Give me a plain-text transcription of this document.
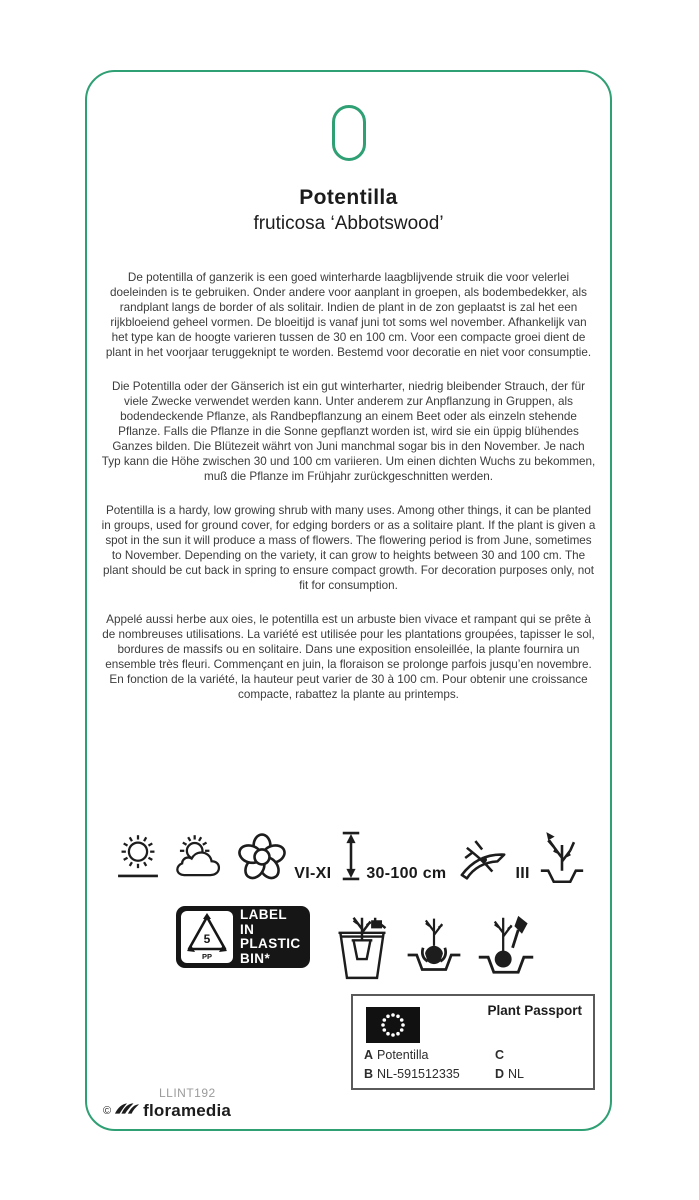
Potentilla
fruticosa ‘Abbotswood’

De potentilla of ganzerik is een goed winterharde laagblijvende struik die voor velerlei doeleinden is te gebruiken. Onder andere voor aanplant in groepen, als bodembedekker, als randplant langs de border of als solitair. Indien de plant in de zon geplaatst is zal het een rijkbloeiend geheel vormen. De bloeitijd is vanaf juni tot soms wel november. Afhankelijk van het type kan de hoogte varieren tussen de 30 en 100 cm. Voor een compacte groei dient de plant in het voorjaar teruggeknipt te worden. Bestemd voor decoratie en niet voor consumptie.

Die Potentilla oder der Gänserich ist ein gut winterharter, niedrig bleibender Strauch, der für viele Zwecke verwendet werden kann. Unter anderem zur Anpflanzung in Gruppen, als bodendeckende Pflanze, als Randbepflanzung an einem Beet oder als einzeln stehende Pflanze. Falls die Pflanze in die Sonne gepflanzt worden ist, wird sie ein üppig blühendes Ganzes bilden. Die Blütezeit währt von Juni manchmal sogar bis in den November. Je nach Typ kann die Höhe zwischen 30 und 100 cm variieren. Um einen dichten Wuchs zu bekommen, muß die Pflanze im Frühjahr zurückgeschnitten werden.

Potentilla is a hardy, low growing shrub with many uses. Among other things, it can be planted in groups, used for ground cover, for edging borders or as a solitaire plant. If the plant is given a spot in the sun it will produce a mass of flowers. The flowering period is from June, sometimes to November. Depending on the variety, it can grow to heights between 30 and 100 cm. The plant should be cut back in spring to ensure compact growth. For decoration purposes only, not fit for consumption.

Appelé aussi herbe aux oies, le potentilla est un arbuste bien vivace et rampant qui se prête à de nombreuses utilisations. La variété est utilisée pour les plantations groupées, tapisser le sol, bordures de massifs ou en solitaire. Dans une exposition ensoleillée, la plante fournira un ensemble très fleuri. Commençant en juin, la floraison se prolonge parfois jusqu’en novembre. En fonction de la variété, la hauteur peut varier de 30 à 100 cm. Pour obtenir une croissance compacte, rabattez la plante au printemps.

VI-XI 30-100 cm	III
5
PP
LABEL IN
PLASTIC
BIN*
Plant Passport
A Potentilla
B NL-591512335
C
D NL
LLINT192
© floramedia
